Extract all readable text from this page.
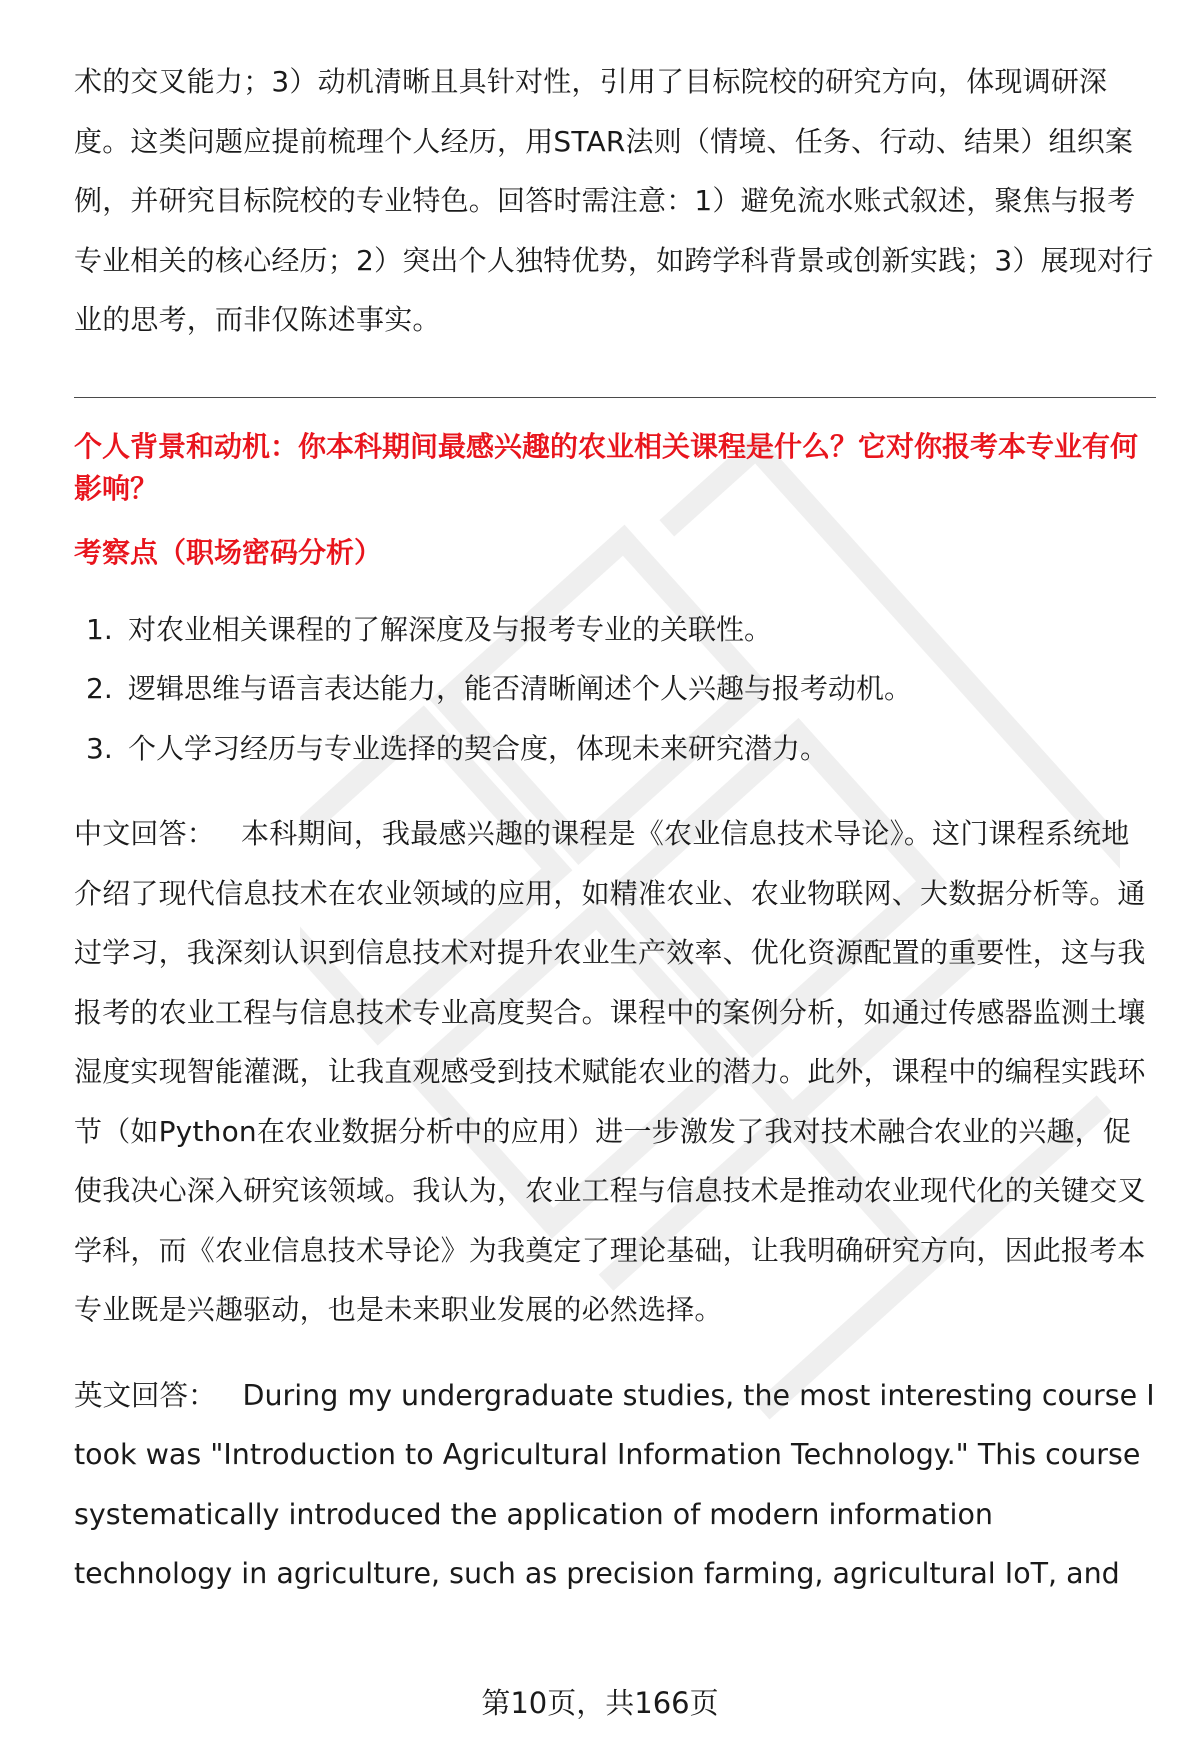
术的交叉能力；3）动机清晰且具针对性，引用了目标院校的研究方向，体现调研深度。这类问题应提前梳理个人经历，用STAR法则（情境、任务、行动、结果）组织案例，并研究目标院校的专业特色。回答时需注意：1）避免流水账式叙述，聚焦与报考专业相关的核心经历；2）突出个人独特优势，如跨学科背景或创新实践；3）展现对行业的思考，而非仅陈述事实。

个人背景和动机：你本科期间最感兴趣的农业相关课程是什么？它对你报考本专业有何影响？

考察点（职场密码分析）

1. 对农业相关课程的了解深度及与报考专业的关联性。
2. 逻辑思维与语言表达能力，能否清晰阐述个人兴趣与报考动机。
3. 个人学习经历与专业选择的契合度，体现未来研究潜力。

中文回答： 本科期间，我最感兴趣的课程是《农业信息技术导论》。这门课程系统地介绍了现代信息技术在农业领域的应用，如精准农业、农业物联网、大数据分析等。通过学习，我深刻认识到信息技术对提升农业生产效率、优化资源配置的重要性，这与我报考的农业工程与信息技术专业高度契合。课程中的案例分析，如通过传感器监测土壤湿度实现智能灌溉，让我直观感受到技术赋能农业的潜力。此外，课程中的编程实践环节（如Python在农业数据分析中的应用）进一步激发了我对技术融合农业的兴趣，促使我决心深入研究该领域。我认为，农业工程与信息技术是推动农业现代化的关键交叉学科，而《农业信息技术导论》为我奠定了理论基础，让我明确研究方向，因此报考本专业既是兴趣驱动，也是未来职业发展的必然选择。

英文回答： During my undergraduate studies, the most interesting course I took was "Introduction to Agricultural Information Technology." This course systematically introduced the application of modern information technology in agriculture, such as precision farming, agricultural IoT, and

第10页，共166页
